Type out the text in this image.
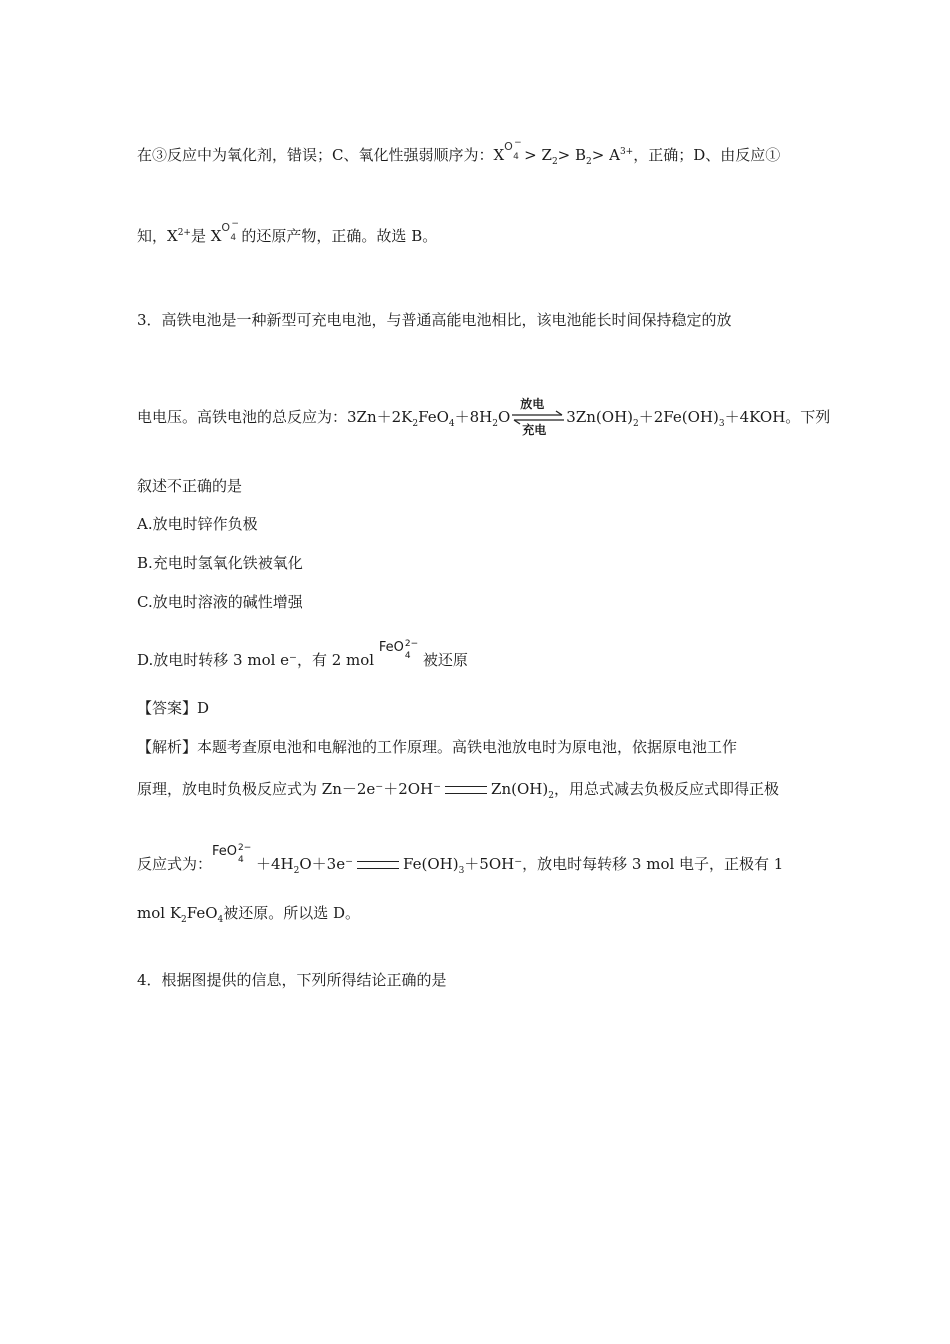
在③反应中为氧化剂，错误；C、氧化性强弱顺序为：X O
4
−
> $Z_2> B_2> A^{3+}$，正确；D、由反应①
知，$X^{2+}$是 X O
4
−
的还原产物，正确。故选 B。
3．高铁电池是一种新型可充电电池，与普通高能电池相比，该电池能长时间保持稳定的放
电电压。高铁电池的总反应为：$3Zn+2K_2FeO_4+8H_2O$
放电
充电
$3Zn(OH)_2+2Fe(OH)_3+4KOH$。下列
叙述不正确的是
A.放电时锌作负极
B.充电时氢氧化铁被氧化
C.放电时溶液的碱性增强
D.放电时转移 3 mol e⁻，有 2 mol
FeO 2−
4 被还原
【答案】D
【解析】本题考查原电池和电解池的工作原理。高铁电池放电时为原电池，依据原电池工作
原理，放电时负极反应式为 Zn－2e⁻＋2OH⁻	$Zn(OH)_2$，用总式减去负极反应式即得正极
反应式为：
FeO 2−
$4 +4H_2O+3e^-$	$Fe(OH)_3+5OH^-$，放电时每转移 3 mol 电子，正极有 1
mol $K_2FeO_4$被还原。所以选 D。
4．根据图提供的信息，下列所得结论正确的是
